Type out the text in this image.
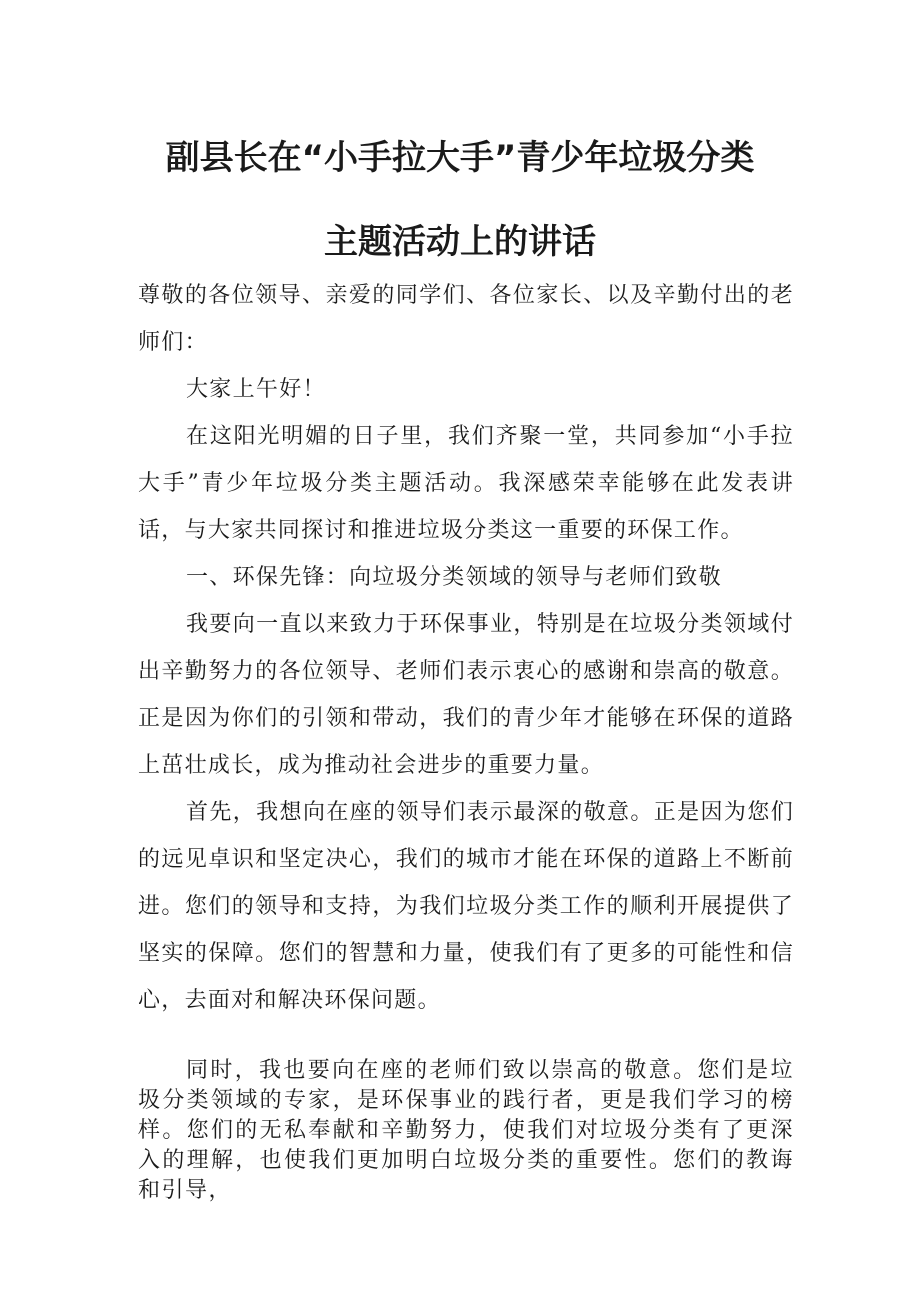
副县长在“小手拉大手”青少年垃圾分类
主题活动上的讲话

尊敬的各位领导、亲爱的同学们、各位家长、以及辛勤付出的老师们：

大家上午好！

在这阳光明媚的日子里，我们齐聚一堂，共同参加“小手拉大手”青少年垃圾分类主题活动。我深感荣幸能够在此发表讲话，与大家共同探讨和推进垃圾分类这一重要的环保工作。

一、环保先锋：向垃圾分类领域的领导与老师们致敬

我要向一直以来致力于环保事业，特别是在垃圾分类领域付出辛勤努力的各位领导、老师们表示衷心的感谢和崇高的敬意。正是因为你们的引领和带动，我们的青少年才能够在环保的道路上茁壮成长，成为推动社会进步的重要力量。

首先，我想向在座的领导们表示最深的敬意。正是因为您们的远见卓识和坚定决心，我们的城市才能在环保的道路上不断前进。您们的领导和支持，为我们垃圾分类工作的顺利开展提供了坚实的保障。您们的智慧和力量，使我们有了更多的可能性和信心，去面对和解决环保问题。

同时，我也要向在座的老师们致以崇高的敬意。您们是垃圾分类领域的专家，是环保事业的践行者，更是我们学习的榜样。您们的无私奉献和辛勤努力，使我们对垃圾分类有了更深入的理解，也使我们更加明白垃圾分类的重要性。您们的教诲和引导，
